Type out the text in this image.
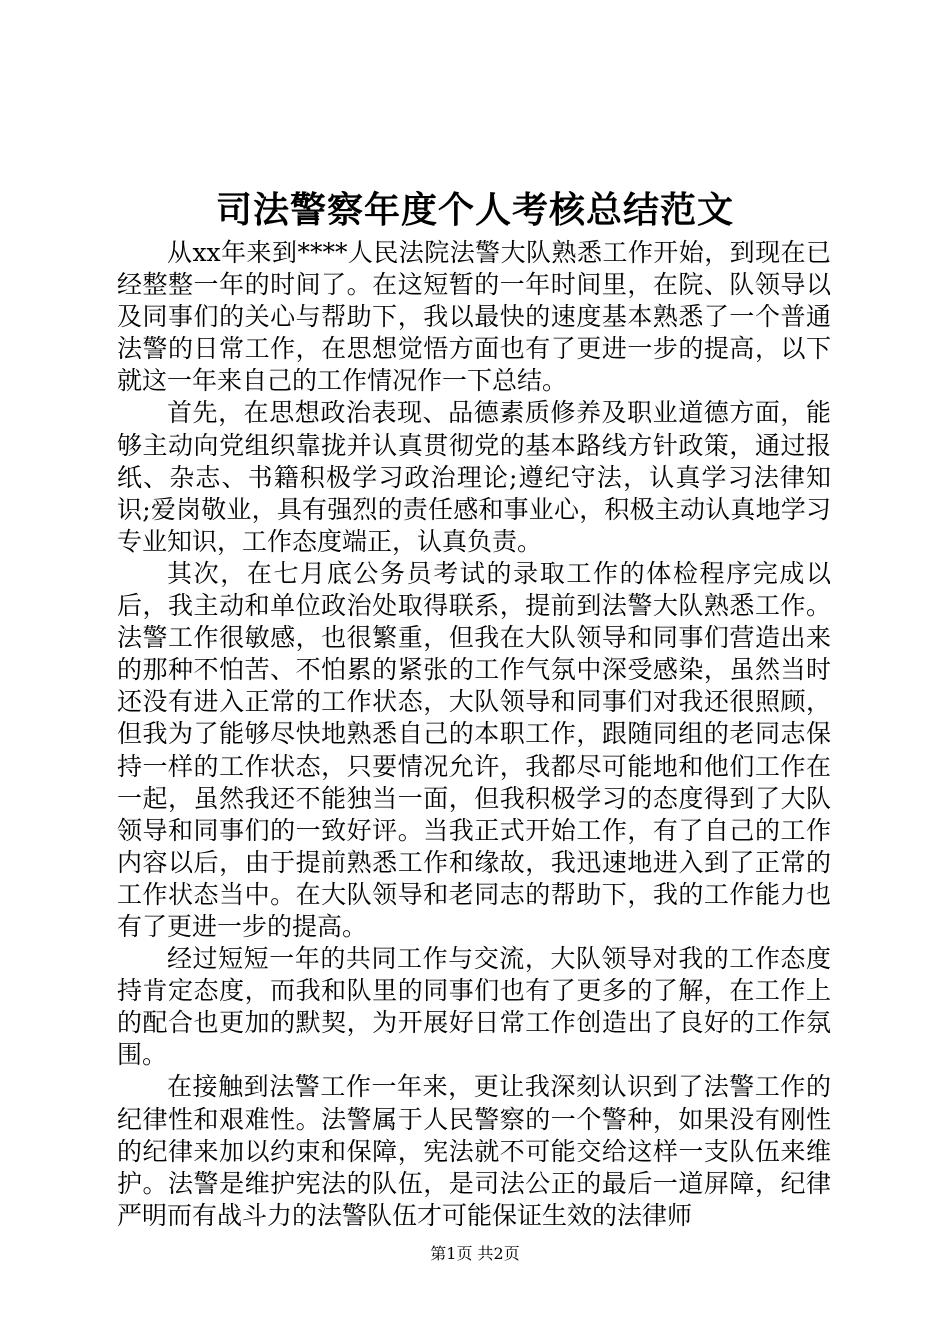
司法警察年度个人考核总结范文

从xx年来到****人民法院法警大队熟悉工作开始，到现在已经整整一年的时间了。在这短暂的一年时间里，在院、队领导以及同事们的关心与帮助下，我以最快的速度基本熟悉了一个普通法警的日常工作，在思想觉悟方面也有了更进一步的提高，以下就这一年来自己的工作情况作一下总结。

首先，在思想政治表现、品德素质修养及职业道德方面，能够主动向党组织靠拢并认真贯彻党的基本路线方针政策，通过报纸、杂志、书籍积极学习政治理论;遵纪守法，认真学习法律知识;爱岗敬业，具有强烈的责任感和事业心，积极主动认真地学习专业知识，工作态度端正，认真负责。

其次，在七月底公务员考试的录取工作的体检程序完成以后，我主动和单位政治处取得联系，提前到法警大队熟悉工作。法警工作很敏感，也很繁重，但我在大队领导和同事们营造出来的那种不怕苦、不怕累的紧张的工作气氛中深受感染，虽然当时还没有进入正常的工作状态，大队领导和同事们对我还很照顾，但我为了能够尽快地熟悉自己的本职工作，跟随同组的老同志保持一样的工作状态，只要情况允许，我都尽可能地和他们工作在一起，虽然我还不能独当一面，但我积极学习的态度得到了大队领导和同事们的一致好评。当我正式开始工作，有了自己的工作内容以后，由于提前熟悉工作和缘故，我迅速地进入到了正常的工作状态当中。在大队领导和老同志的帮助下，我的工作能力也有了更进一步的提高。

经过短短一年的共同工作与交流，大队领导对我的工作态度持肯定态度，而我和队里的同事们也有了更多的了解，在工作上的配合也更加的默契，为开展好日常工作创造出了良好的工作氛围。

在接触到法警工作一年来，更让我深刻认识到了法警工作的纪律性和艰难性。法警属于人民警察的一个警种，如果没有刚性的纪律来加以约束和保障，宪法就不可能交给这样一支队伍来维护。法警是维护宪法的队伍，是司法公正的最后一道屏障，纪律严明而有战斗力的法警队伍才可能保证生效的法律师

第1页 共2页
